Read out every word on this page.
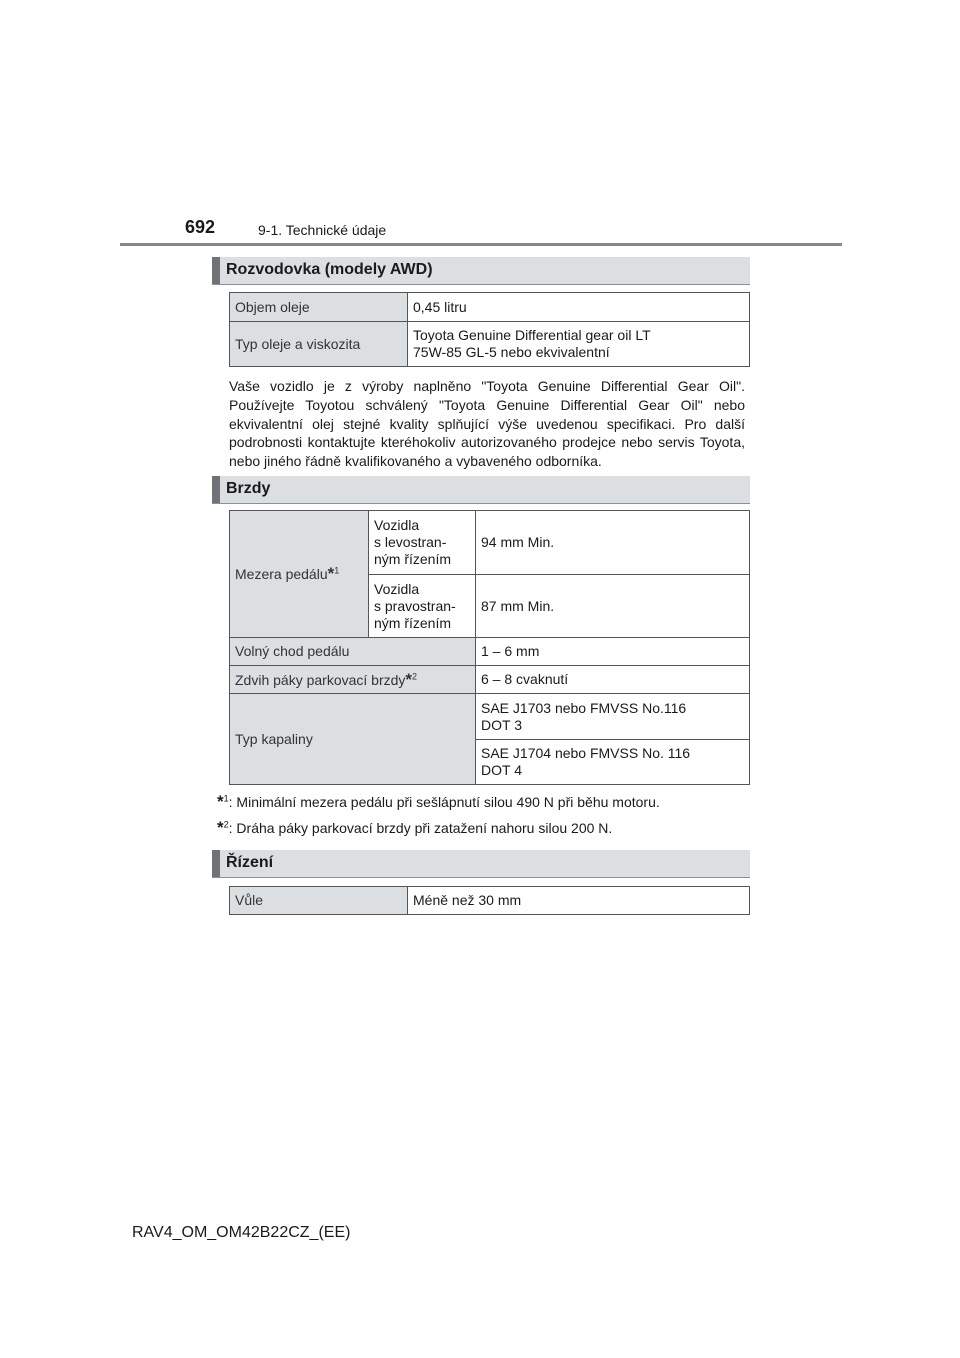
692	9-1. Technické údaje
Rozvodovka (modely AWD)
Objem oleje	0,45 litru
Typ oleje a viskozita	Toyota Genuine Differential gear oil LT
75W-85 GL-5 nebo ekvivalentní
Vaše vozidlo je z výroby naplněno "Toyota Genuine Differential Gear Oil". Používejte Toyotou schválený "Toyota Genuine Differential Gear Oil" nebo ekvivalentní olej stejné kvality splňující výše uvedenou specifikaci. Pro další podrobnosti kontaktujte kteréhokoliv autorizovaného prodejce nebo servis Toyota, nebo jiného řádně kvalifikovaného a vybaveného odborníka.
Brzdy
Mezera pedálu*$^1$	Vozidla
s levostran-
ným řízením	94 mm Min.
	Vozidla
s pravostran-
ným řízením	87 mm Min.
Volný chod pedálu		1 – 6 mm
Zdvih páky parkovací brzdy*$^2$		6 – 8 cvaknutí
Typ kapaliny		SAE J1703 nebo FMVSS No.116
DOT 3
		SAE J1704 nebo FMVSS No. 116
DOT 4
*$^1$: Minimální mezera pedálu při sešlápnutí silou 490 N při běhu motoru.
*$^2$: Dráha páky parkovací brzdy při zatažení nahoru silou 200 N.
Řízení
Vůle	Méně než 30 mm
RAV4_OM_OM42B22CZ_(EE)
